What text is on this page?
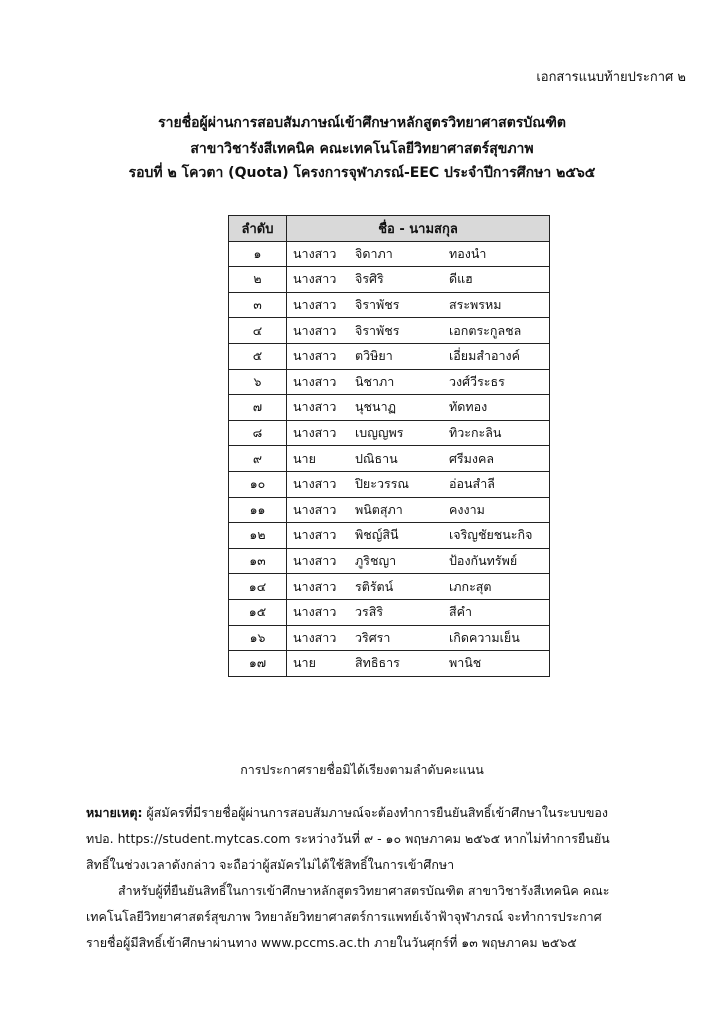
เอกสารแนบท้ายประกาศ ๒
รายชื่อผู้ผ่านการสอบสัมภาษณ์เข้าศึกษาหลักสูตรวิทยาศาสตรบัณฑิต
สาขาวิชารังสีเทคนิค คณะเทคโนโลยีวิทยาศาสตร์สุขภาพ
รอบที่ ๒ โควตา (Quota) โครงการจุฬาภรณ์-EEC ประจำปีการศึกษา ๒๕๖๕
ลำดับ	ชื่อ - นามสกุล
๑	นางสาว จิดาภา ทองนำ

๒	นางสาว จิรศิริ ดีแฮ

๓	นางสาว จิราพัชร สระพรหม

๔	นางสาว จิราพัชร เอกตระกูลชล

๕	นางสาว ตวิษิยา เอี่ยมสำอางค์

๖	นางสาว นิชาภา วงศ์วีระ​ธร

๗	นางสาว นุชนาฏ ทัดทอง

๘	นางสาว เบญญพร ทิวะกะลิน

๙	นาย ปณิธาน ศรีมงคล

๑๐	นางสาว ปิยะวรรณ อ่อนสำลี

๑๑	นางสาว พนิตสุภา คงงาม

๑๒	นางสาว พิชญ์สินี เจริญชัยชนะกิจ

๑๓	นางสาว ภูริชญา ป้องกันทรัพย์

๑๔	นางสาว รติรัตน์ เภกะสุต

๑๕	นางสาว วรสิริ สีคำ

๑๖	นางสาว วริศรา เกิดความเย็น

๑๗	นาย สิทธิธาร พานิช
การประกาศรายชื่อมิได้เรียงตามลำดับคะแนน

หมายเหตุ: ผู้สมัครที่มีรายชื่อผู้ผ่านการสอบสัมภาษณ์จะต้องทำการยืนยันสิทธิ์เข้าศึกษาในระบบของ

ทปอ. https://student.mytcas.com ระหว่างวันที่ ๙ - ๑๐ พฤษภาคม ๒๕๖๕ หากไม่ทำการยืนยัน

สิทธิ์ในช่วงเวลาดังกล่าว จะถือว่าผู้สมัครไม่ได้ใช้สิทธิ์ในการเข้าศึกษา

สำหรับผู้ที่ยืนยันสิทธิ์ในการเข้าศึกษาหลักสูตรวิทยาศาสตรบัณฑิต สาขาวิชารังสีเทคนิค คณะ

เทคโนโลยีวิทยาศาสตร์สุขภาพ วิทยาลัยวิทยาศาสตร์การแพทย์เจ้าฟ้าจุฬาภรณ์ จะทำการประกาศ

รายชื่อผู้มีสิทธิ์เข้าศึกษาผ่านทาง www.pccms.ac.th ภายในวันศุกร์ที่ ๑๓ พฤษภาคม ๒๕๖๕
